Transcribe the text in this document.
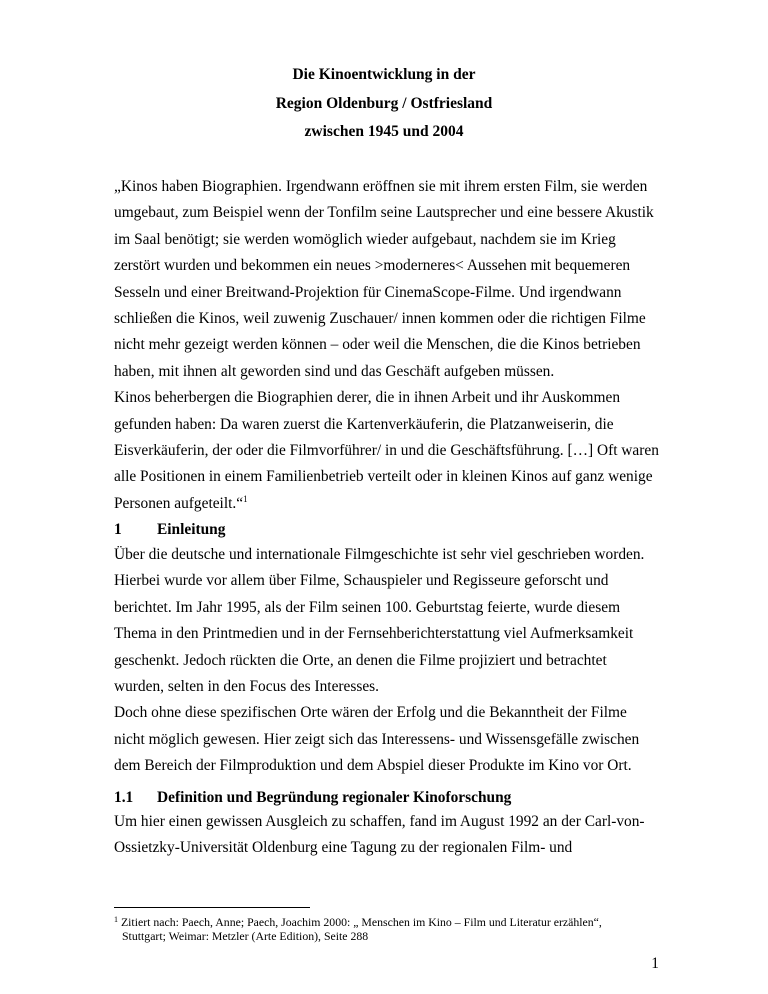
Die Kinoentwicklung in der
Region Oldenburg / Ostfriesland
zwischen 1945 und 2004
„Kinos haben Biographien. Irgendwann eröffnen sie mit ihrem ersten Film, sie werden
umgebaut, zum Beispiel wenn der Tonfilm seine Lautsprecher und eine bessere Akustik
im Saal benötigt; sie werden womöglich wieder aufgebaut, nachdem sie im Krieg
zerstört wurden und bekommen ein neues >moderneres< Aussehen mit bequemeren
Sesseln und einer Breitwand-Projektion für CinemaScope-Filme. Und irgendwann
schließen die Kinos, weil zuwenig Zuschauer/ innen kommen oder die richtigen Filme
nicht mehr gezeigt werden können – oder weil die Menschen, die die Kinos betrieben
haben, mit ihnen alt geworden sind und das Geschäft aufgeben müssen.
Kinos beherbergen die Biographien derer, die in ihnen Arbeit und ihr Auskommen
gefunden haben: Da waren zuerst die Kartenverkäuferin, die Platzanweiserin, die
Eisverkäuferin, der oder die Filmvorführer/ in und die Geschäftsführung. […] Oft waren
alle Positionen in einem Familienbetrieb verteilt oder in kleinen Kinos auf ganz wenige
Personen aufgeteilt.“$^1$
1 Einleitung
Über die deutsche und internationale Filmgeschichte ist sehr viel geschrieben worden.
Hierbei wurde vor allem über Filme, Schauspieler und Regisseure geforscht und
berichtet. Im Jahr 1995, als der Film seinen 100. Geburtstag feierte, wurde diesem
Thema in den Printmedien und in der Fernsehberichterstattung viel Aufmerksamkeit
geschenkt. Jedoch rückten die Orte, an denen die Filme projiziert und betrachtet
wurden, selten in den Focus des Interesses.
Doch ohne diese spezifischen Orte wären der Erfolg und die Bekanntheit der Filme
nicht möglich gewesen. Hier zeigt sich das Interessens- und Wissensgefälle zwischen
dem Bereich der Filmproduktion und dem Abspiel dieser Produkte im Kino vor Ort.
1.1 Definition und Begründung regionaler Kinoforschung
Um hier einen gewissen Ausgleich zu schaffen, fand im August 1992 an der Carl-von-
Ossietzky-Universität Oldenburg eine Tagung zu der regionalen Film- und
$^1$ Zitiert nach: Paech, Anne; Paech, Joachim 2000: „ Menschen im Kino – Film und Literatur erzählen“,
Stuttgart; Weimar: Metzler (Arte Edition), Seite 288
1
